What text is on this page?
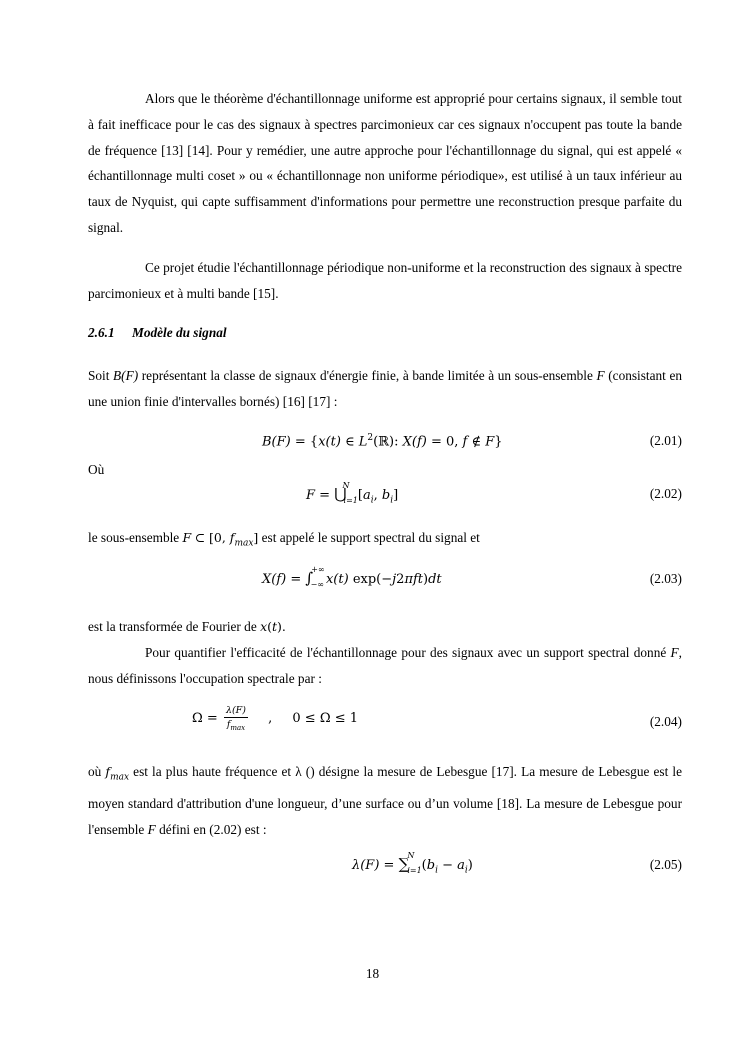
Alors que le théorème d'échantillonnage uniforme est approprié pour certains signaux, il semble tout à fait inefficace pour le cas des signaux à spectres parcimonieux car ces signaux n'occupent pas toute la bande de fréquence [13] [14]. Pour y remédier, une autre approche pour l'échantillonnage du signal, qui est appelé « échantillonnage multi coset » ou « échantillonnage non uniforme périodique», est utilisé à un taux inférieur au taux de Nyquist, qui capte suffisamment d'informations pour permettre une reconstruction presque parfaite du signal.

Ce projet étudie l'échantillonnage périodique non-uniforme et la reconstruction des signaux à spectre parcimonieux et à multi bande [15].

2.6.1 Modèle du signal

Soit B(F) représentant la classe de signaux d'énergie finie, à bande limitée à un sous-ensemble F (consistant en une union finie d'intervalles bornés) [16] [17] :

B(F) = {x(t) ∈ $L^2(ℝ)$: X(f) = 0, f ∉ F}	(2.01)

Où

$F = ⋃^N_{i=1}[a_i$, $b_i$]	(2.02)

le sous-ensemble F ⊂ [0, $f_{max}$] est appelé le support spectral du signal et

$X(f) = \int^{+\infty}_{-\infty}$ x(t) exp(−j2πft)dt	(2.03)

est la transformée de Fourier de x(t).

Pour quantifier l'efficacité de l'échantillonnage pour des signaux avec un support spectral donné F, nous définissons l'occupation spectrale par :

$\Omega = \frac{\lambda(F)}{f_{max}}$ , 0 ≤ Ω ≤ 1	(2.04)

où $f_{max}$ est la plus haute fréquence et λ () désigne la mesure de Lebesgue [17]. La mesure de Lebesgue est le moyen standard d'attribution d'une longueur, d’une surface ou d’un volume [18]. La mesure de Lebesgue pour l'ensemble F défini en (2.02) est :

$\lambda(F) = \sum^N_{i=1}(b_i - a_i)$	(2.05)
18
